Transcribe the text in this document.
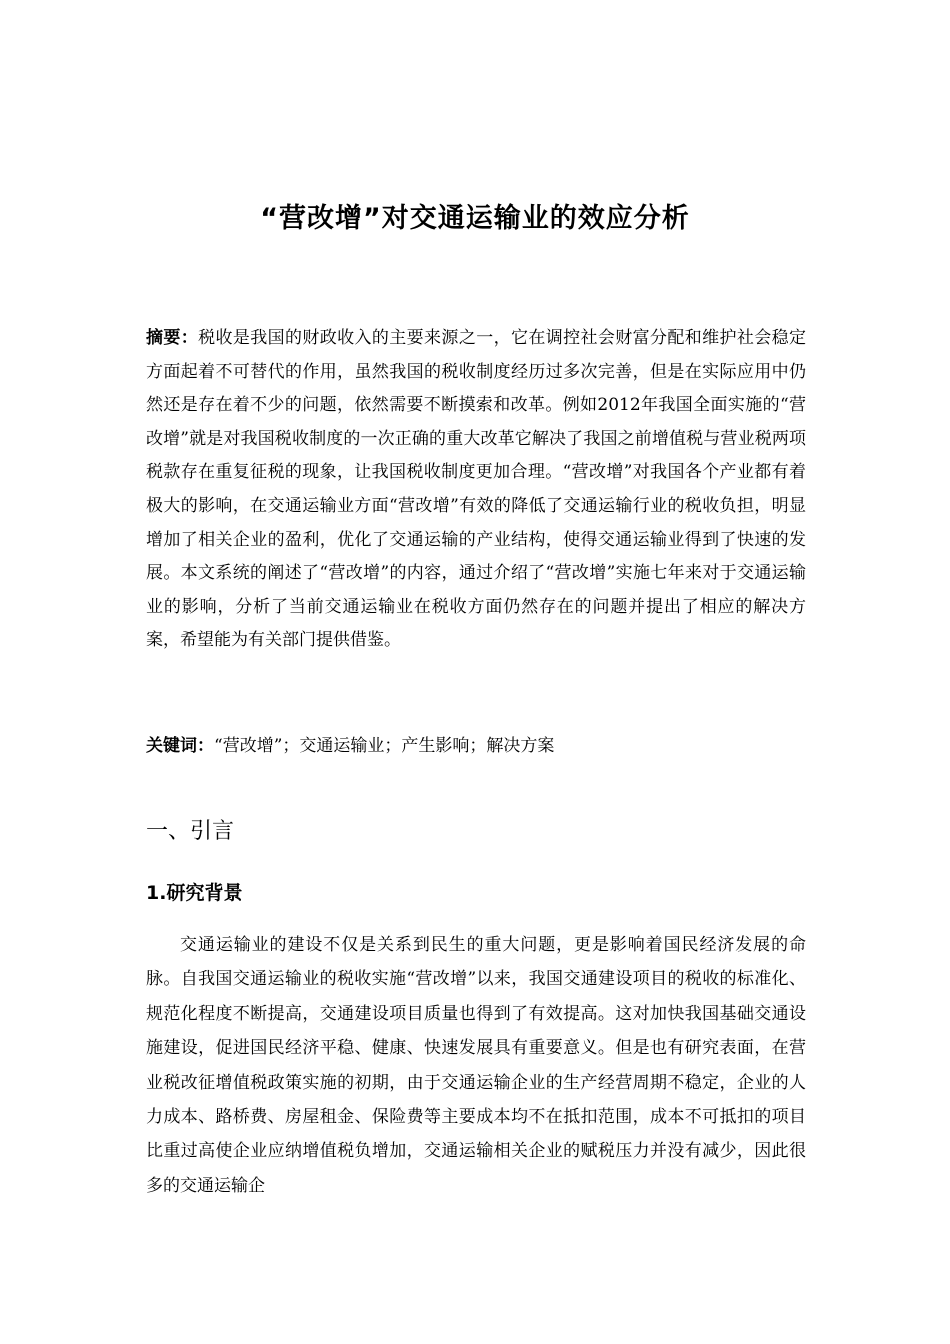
“营改增”对交通运输业的效应分析

摘要：税收是我国的财政收入的主要来源之一，它在调控社会财富分配和维护社会稳定方面起着不可替代的作用，虽然我国的税收制度经历过多次完善，但是在实际应用中仍然还是存在着不少的问题，依然需要不断摸索和改革。例如2012年我国全面实施的“营改增”就是对我国税收制度的一次正确的重大改革它解决了我国之前增值税与营业税两项税款存在重复征税的现象，让我国税收制度更加合理。“营改增”对我国各个产业都有着极大的影响，在交通运输业方面“营改增”有效的降低了交通运输行业的税收负担，明显增加了相关企业的盈利，优化了交通运输的产业结构，使得交通运输业得到了快速的发展。本文系统的阐述了“营改增”的内容，通过介绍了“营改增”实施七年来对于交通运输业的影响，分析了当前交通运输业在税收方面仍然存在的问题并提出了相应的解决方案，希望能为有关部门提供借鉴。

关键词：“营改增”；交通运输业；产生影响；解决方案

一、引言
1.研究背景

交通运输业的建设不仅是关系到民生的重大问题，更是影响着国民经济发展的命脉。自我国交通运输业的税收实施“营改增”以来，我国交通建设项目的税收的标准化、规范化程度不断提高，交通建设项目质量也得到了有效提高。这对加快我国基础交通设施建设，促进国民经济平稳、健康、快速发展具有重要意义。但是也有研究表面，在营业税改征增值税政策实施的初期，由于交通运输企业的生产经营周期不稳定，企业的人力成本、路桥费、房屋租金、保险费等主要成本均不在抵扣范围，成本不可抵扣的项目比重过高使企业应纳增值税负增加，交通运输相关企业的赋税压力并没有减少，因此很多的交通运输企
